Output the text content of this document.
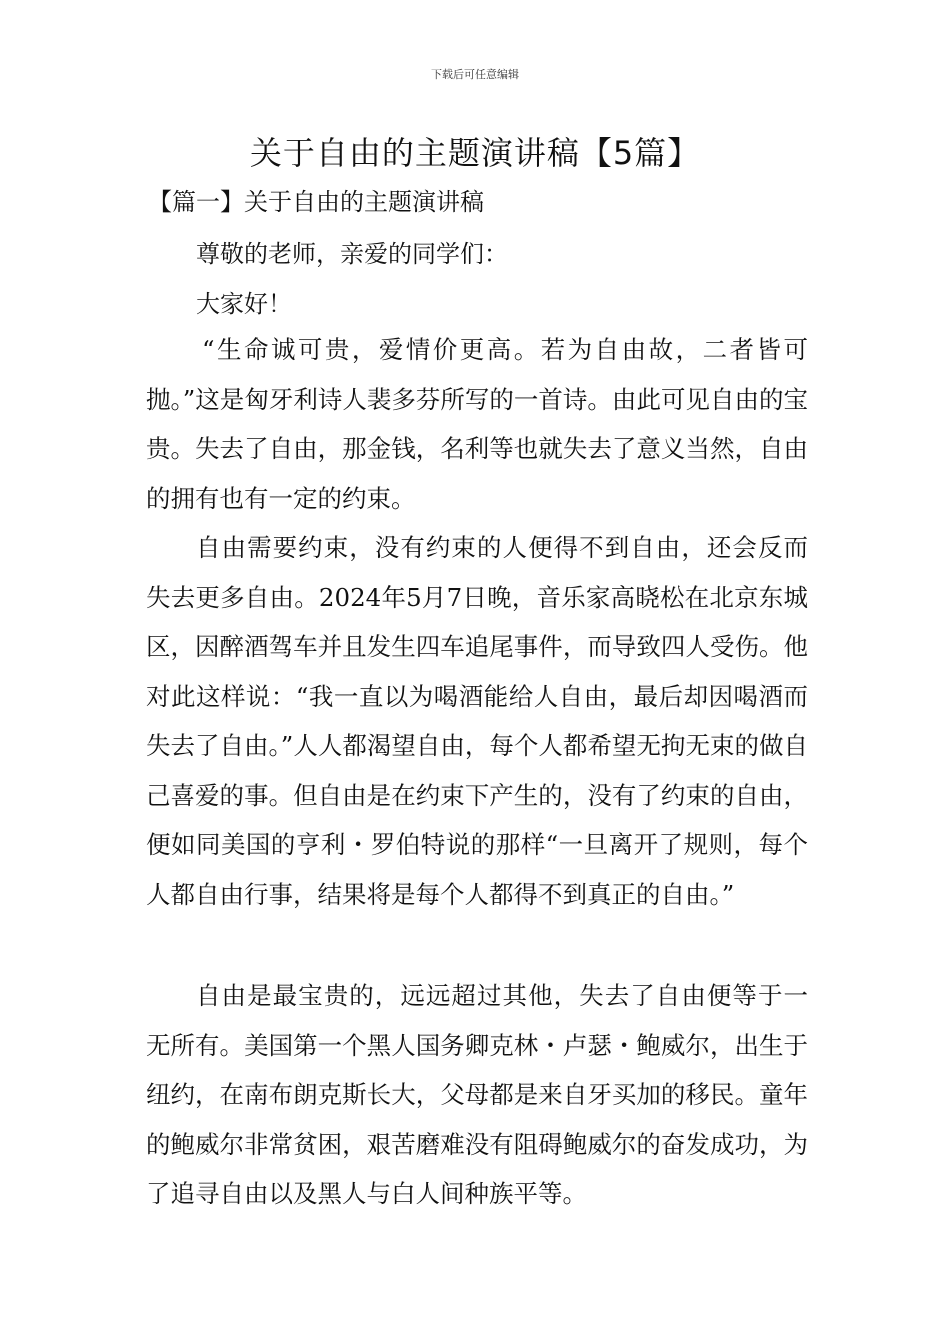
下载后可任意编辑
关于自由的主题演讲稿【5篇】
【篇一】关于自由的主题演讲稿

尊敬的老师，亲爱的同学们：

大家好！

“生命诚可贵，爱情价更高。若为自由故，二者皆可抛。”这是匈牙利诗人裴多芬所写的一首诗。由此可见自由的宝贵。失去了自由，那金钱，名利等也就失去了意义当然，自由的拥有也有一定的约束。

自由需要约束，没有约束的人便得不到自由，还会反而失去更多自由。2024年5月7日晚，音乐家高晓松在北京东城区，因醉酒驾车并且发生四车追尾事件，而导致四人受伤。他对此这样说：“我一直以为喝酒能给人自由，最后却因喝酒而失去了自由。”人人都渴望自由，每个人都希望无拘无束的做自己喜爱的事。但自由是在约束下产生的，没有了约束的自由，便如同美国的亨利・罗伯特说的那样“一旦离开了规则，每个人都自由行事，结果将是每个人都得不到真正的自由。”

自由是最宝贵的，远远超过其他，失去了自由便等于一无所有。美国第一个黑人国务卿克林・卢瑟・鲍威尔，出生于纽约，在南布朗克斯长大，父母都是来自牙买加的移民。童年的鲍威尔非常贫困，艰苦磨难没有阻碍鲍威尔的奋发成功，为了追寻自由以及黑人与白人间种族平等。
